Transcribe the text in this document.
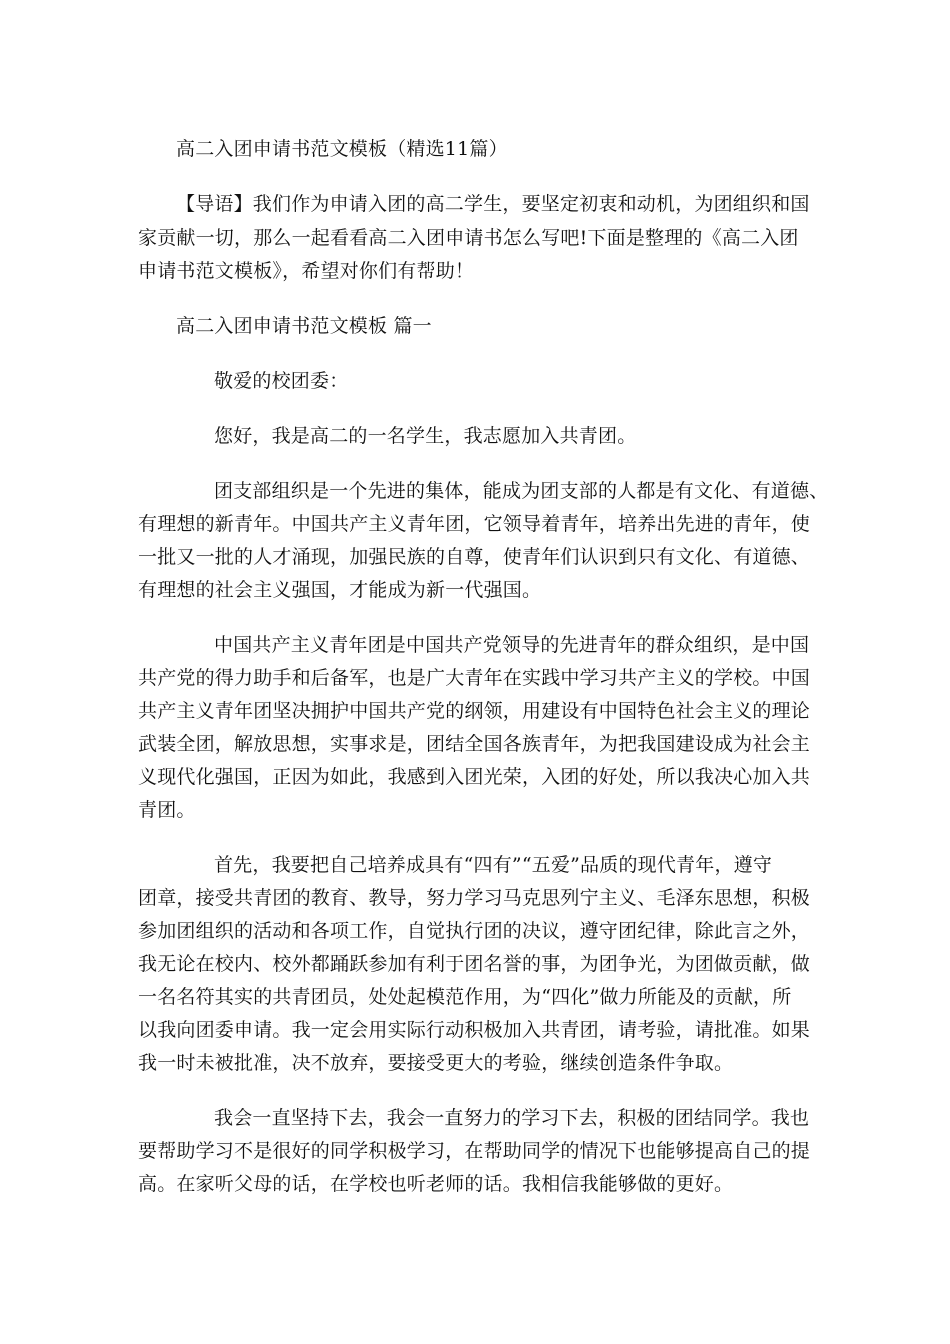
高二入团申请书范文模板（精选11篇）
【导语】我们作为申请入团的高二学生，要坚定初衷和动机，为团组织和国
家贡献一切，那么一起看看高二入团申请书怎么写吧!下面是整理的《高二入团
申请书范文模板》，希望对你们有帮助！
高二入团申请书范文模板 篇一
敬爱的校团委：
您好，我是高二的一名学生，我志愿加入共青团。
团支部组织是一个先进的集体，能成为团支部的人都是有文化、有道德、
有理想的新青年。中国共产主义青年团，它领导着青年，培养出先进的青年，使
一批又一批的人才涌现，加强民族的自尊，使青年们认识到只有文化、有道德、
有理想的社会主义强国，才能成为新一代强国。
中国共产主义青年团是中国共产党领导的先进青年的群众组织，是中国
共产党的得力助手和后备军，也是广大青年在实践中学习共产主义的学校。中国
共产主义青年团坚决拥护中国共产党的纲领，用建设有中国特色社会主义的理论
武装全团，解放思想，实事求是，团结全国各族青年，为把我国建设成为社会主
义现代化强国，正因为如此，我感到入团光荣，入团的好处，所以我决心加入共
青团。
首先，我要把自己培养成具有“四有”“五爱”品质的现代青年，遵守
团章，接受共青团的教育、教导，努力学习马克思列宁主义、毛泽东思想，积极
参加团组织的活动和各项工作，自觉执行团的决议，遵守团纪律，除此言之外，
我无论在校内、校外都踊跃参加有利于团名誉的事，为团争光，为团做贡献，做
一名名符其实的共青团员，处处起模范作用，为“四化”做力所能及的贡献，所
以我向团委申请。我一定会用实际行动积极加入共青团，请考验，请批准。如果
我一时未被批准，决不放弃，要接受更大的考验，继续创造条件争取。
我会一直坚持下去，我会一直努力的学习下去，积极的团结同学。我也
要帮助学习不是很好的同学积极学习，在帮助同学的情况下也能够提高自己的提
高。在家听父母的话，在学校也听老师的话。我相信我能够做的更好。
